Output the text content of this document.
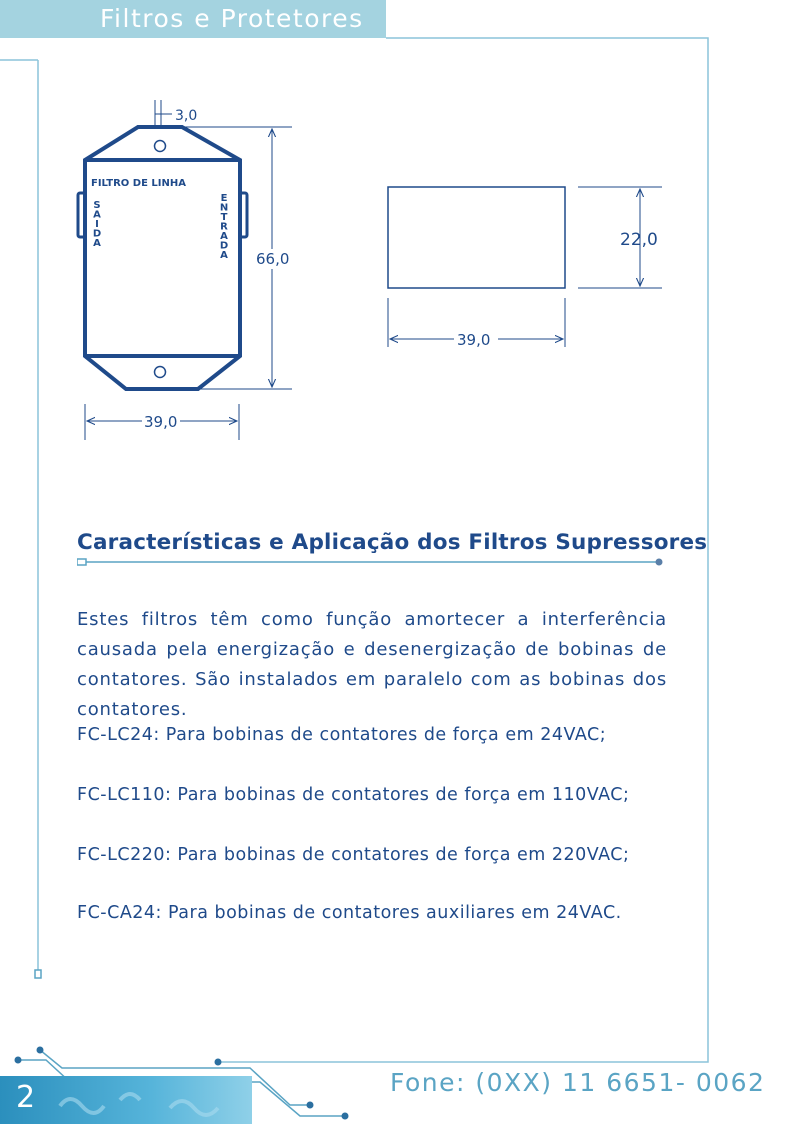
Filtros e Protetores
FILTRO DE LINHA
SAIDA	ENTRADA
3,0
66,0
39,0
22,0
39,0
Características e Aplicação dos Filtros Supressores

Estes filtros têm como função amortecer a interferência causada pela energização e desenergização de bobinas de contatores. São instalados em paralelo com as bobinas dos contatores.

FC-LC24: Para bobinas de contatores de força em 24VAC;

FC-LC110: Para bobinas de contatores de força em 110VAC;

FC-LC220: Para bobinas de contatores de força em 220VAC;

FC-CA24: Para bobinas de contatores auxiliares em 24VAC.

Fone: (0XX) 11 6651- 0062
2
